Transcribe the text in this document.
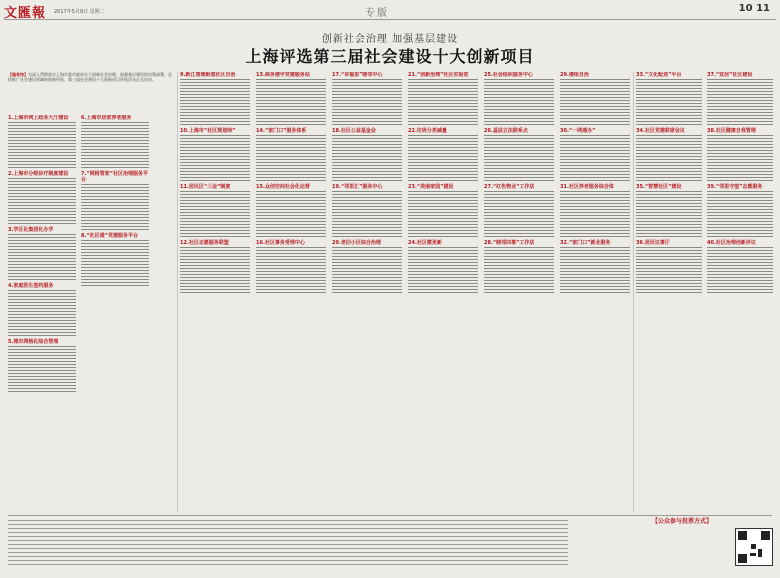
文匯報 2017年5月9日 星期二	专版	10 11
创新社会治理 加强基层建设
上海评选第三届社会建设十大创新项目
【编者按】为深入贯彻落实上海市委市政府关于创新社会治理、加强基层建设的决策部署，总结推广社会建设领域的创新经验，第三届社会建设十大创新项目评选活动正式启动。
1.上海市网上政务大厅建设
2.上海市分级诊疗制度建设
3.学区化集团化办学
4.家庭医生签约服务
5.城市网格化综合管理
6.上海市居家养老服务
7.“网格管家”社区治理服务平台
8.“社区通”党建服务平台
9.新江湾城街道社区自治
10.上海市“社区规划师”
11.居民区“三会”制度
12.社区志愿服务联盟
13.商务楼宇党建服务站
14.“家门口”服务体系
15.众创空间社会化运营
16.社区事务受理中心
17.“幸福里”睦邻中心
18.社区公益基金会
19.“邻里汇”服务中心
20.老旧小区综合治理
21.“创新治理”社区实验室
22.垃圾分类减量
23.“美丽家园”建设
24.社区微更新
25.社会组织服务中心
26.基层立法联系点
27.“红色物业”工作法
28.“睦邻四事”工作法
29.楼组自治
30.“一网通办”
31.社区养老服务综合体
32.“家门口”就业服务
33.“文化配送”平台
34.社区党建联席会议
35.“智慧社区”建设
36.居民议事厅
37.“宜居”社区建设
38.社区健康自我管理
39.“邻里守望”志愿服务
40.社区治理创新评议
【公众参与投票方式】
